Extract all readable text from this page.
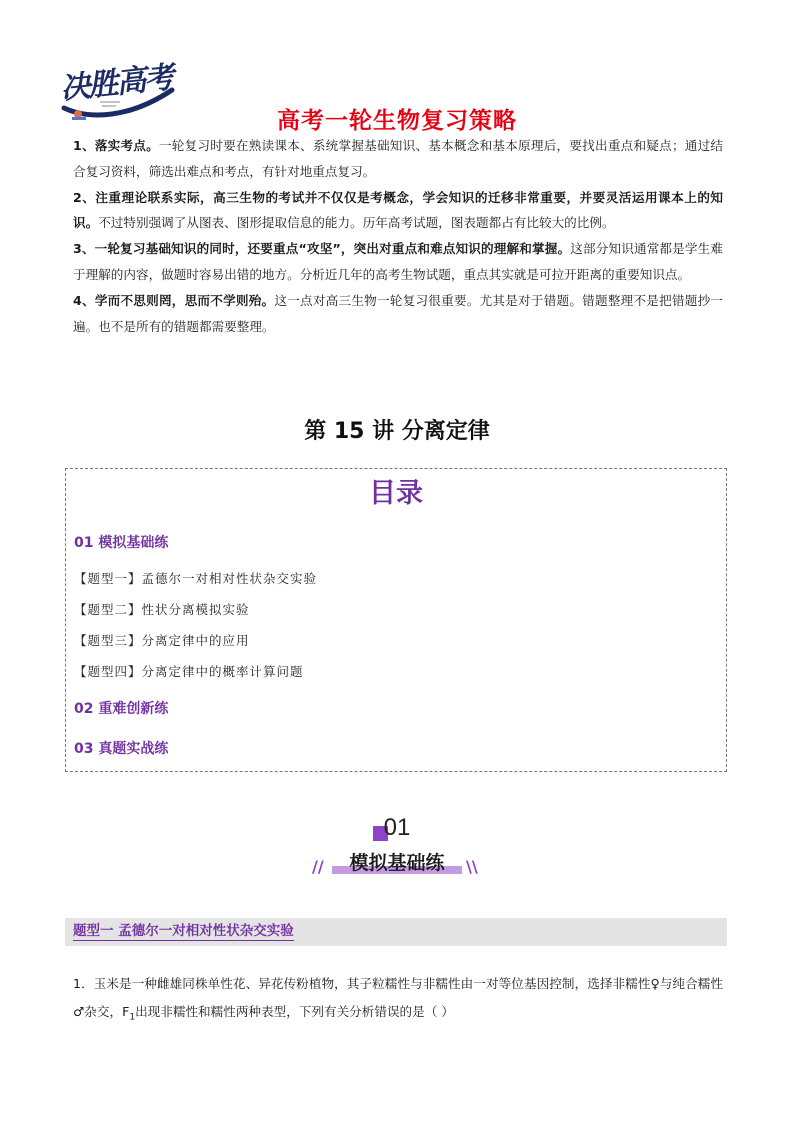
决胜高考
高考一轮生物复习策略

1、落实考点。一轮复习时要在熟读课本、系统掌握基础知识、基本概念和基本原理后，要找出重点和疑点；通过结合复习资料，筛选出难点和考点，有针对地重点复习。

2、注重理论联系实际，高三生物的考试并不仅仅是考概念，学会知识的迁移非常重要，并要灵活运用课本上的知识。不过特别强调了从图表、图形提取信息的能力。历年高考试题，图表题都占有比较大的比例。

3、一轮复习基础知识的同时，还要重点“攻坚”，突出对重点和难点知识的理解和掌握。这部分知识通常都是学生难于理解的内容，做题时容易出错的地方。分析近几年的高考生物试题，重点其实就是可拉开距离的重要知识点。

4、学而不思则罔，思而不学则殆。这一点对高三生物一轮复习很重要。尤其是对于错题。错题整理不是把错题抄一遍。也不是所有的错题都需要整理。

第 15 讲 分离定律
目录
01 模拟基础练
【题型一】孟德尔一对相对性状杂交实验
【题型二】性状分离模拟实验
【题型三】分离定律中的应用
【题型四】分离定律中的概率计算问题
02 重难创新练
03 真题实战练
01
//	模拟基础练	\\
题型一 孟德尔一对相对性状杂交实验
1．玉米是一种雌雄同株单性花、异花传粉植物，其子粒糯性与非糯性由一对等位基因控制，选择非糯性♀与纯合糯性♂杂交，$F_1$出现非糯性和糯性两种表型，下列有关分析错误的是（ ）
